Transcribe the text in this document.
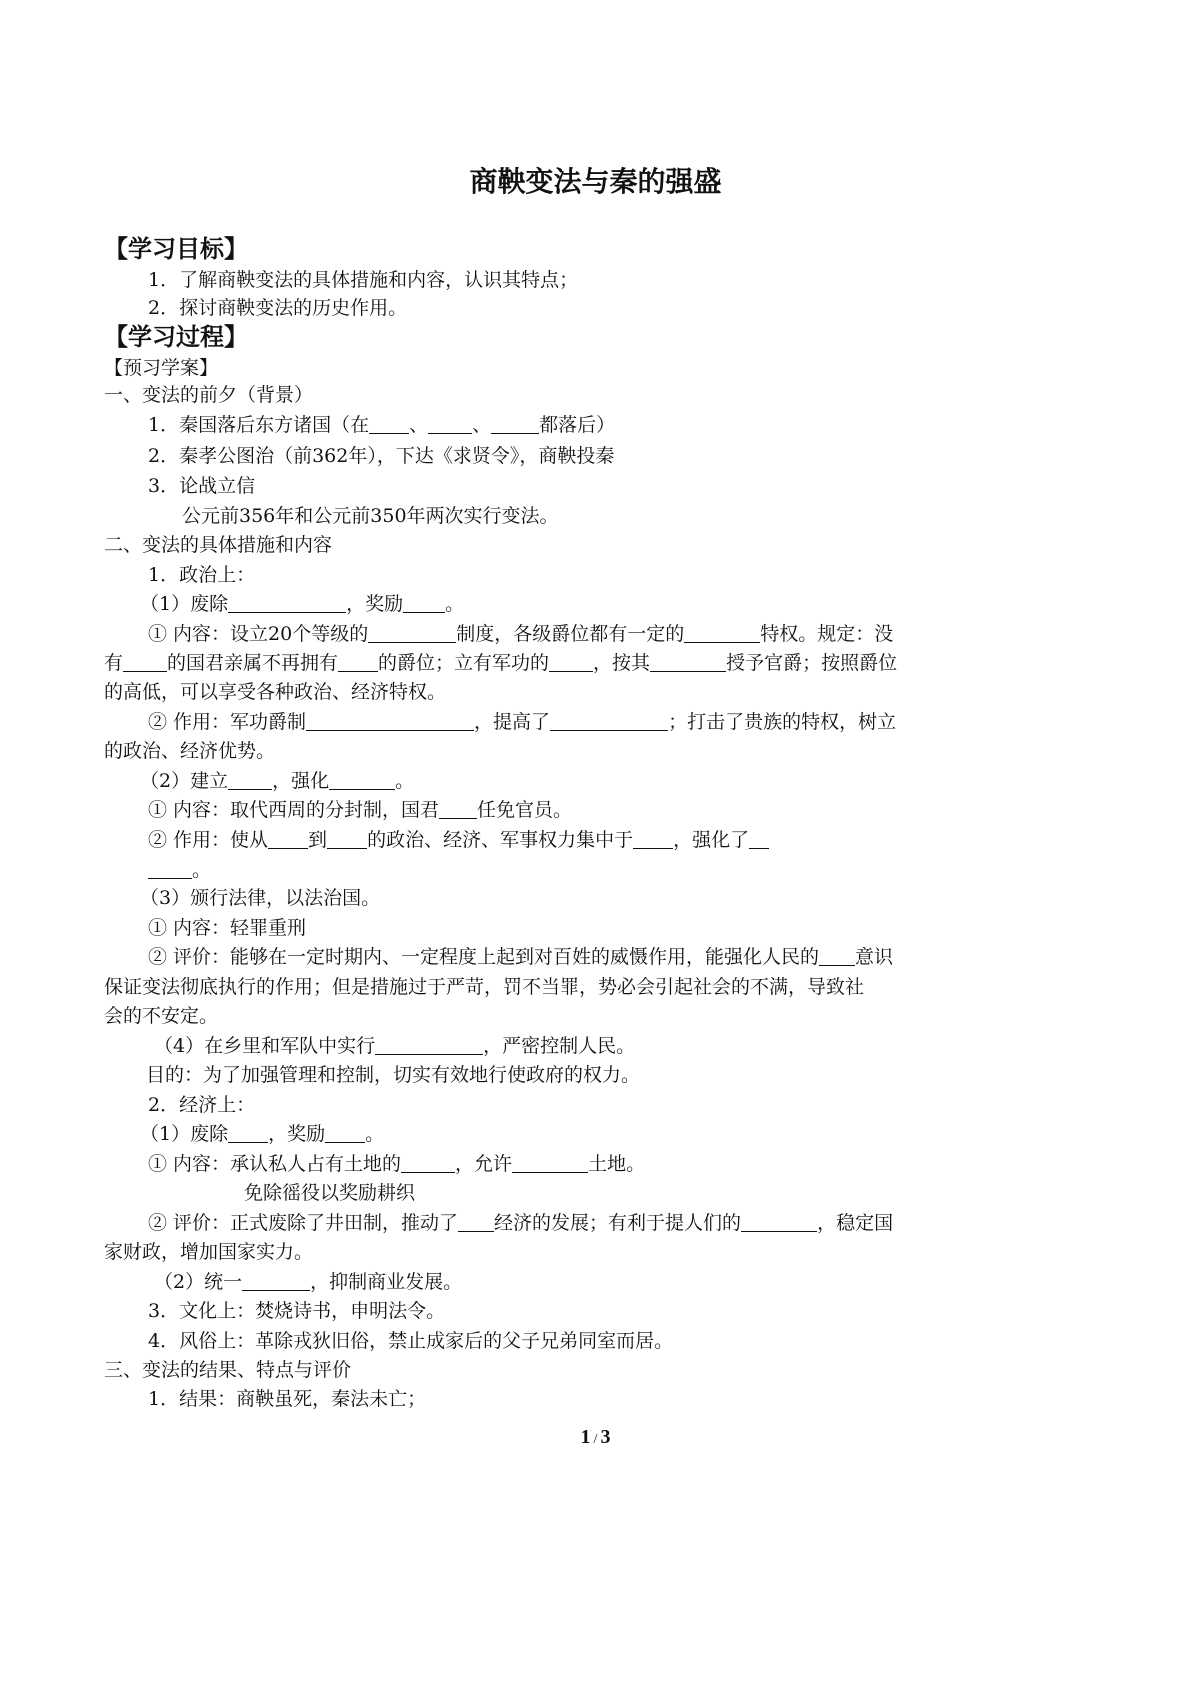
商鞅变法与秦的强盛
【学习目标】
1．了解商鞅变法的具体措施和内容，认识其特点；
2．探讨商鞅变法的历史作用。
【学习过程】
【预习学案】
一、变法的前夕（背景）
1．秦国落后东方诸国（在 、 、	都落后）
2．秦孝公图治（前362年），下达《求贤令》，商鞅投秦
3．论战立信
公元前356年和公元前350年两次实行变法。
二、变法的具体措施和内容
1．政治上：
（1）废除	，奖励 。
① 内容：设立20个等级的	制度，各级爵位都有一定的	特权。规定：没
有 的国君亲属不再拥有 的爵位；立有军功的 ，按其	授予官爵；按照爵位
的高低，可以享受各种政治、经济特权。
② 作用：军功爵制	，提高了	；打击了贵族的特权，树立
的政治、经济优势。
（2）建立 ，强化	。
① 内容：取代西周的分封制，国君 任免官员。
② 作用：使从 到 的政治、经济、军事权力集中于 ，强化了
。
（3）颁行法律，以法治国。
① 内容：轻罪重刑
② 评价：能够在一定时期内、一定程度上起到对百姓的威慑作用，能强化人民的 意识
保证变法彻底执行的作用；但是措施过于严苛，罚不当罪，势必会引起社会的不满，导致社
会的不安定。
（4）在乡里和军队中实行	，严密控制人民。
目的：为了加强管理和控制，切实有效地行使政府的权力。
2．经济上：
（1）废除 ，奖励 。
① 内容：承认私人占有土地的	，允许	土地。
免除徭役以奖励耕织
② 评价：正式废除了井田制，推动了 经济的发展；有利于提人们的	，稳定国
家财政，增加国家实力。
（2）统一	，抑制商业发展。
3．文化上：焚烧诗书，申明法令。
4．风俗上：革除戎狄旧俗，禁止成家后的父子兄弟同室而居。
三、变法的结果、特点与评价
1．结果：商鞅虽死，秦法未亡；
1 / 3
